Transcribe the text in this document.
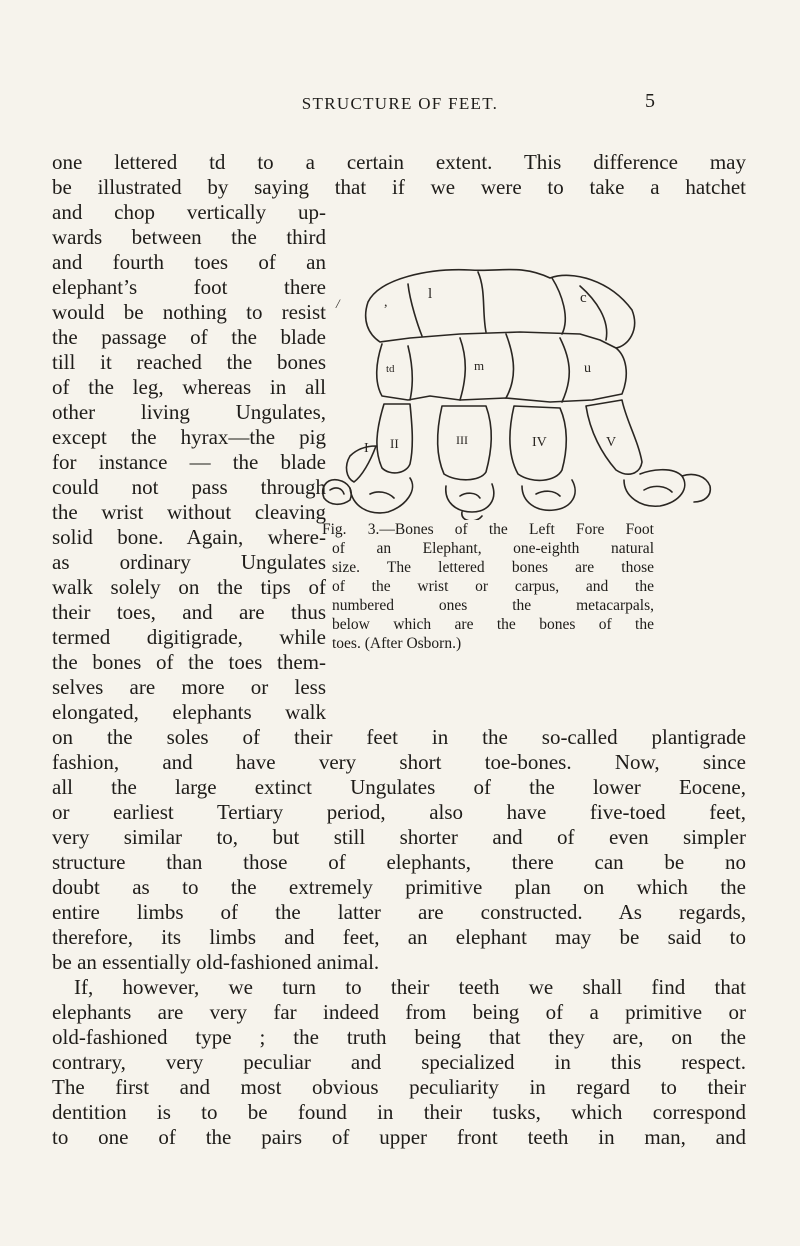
STRUCTURE OF FEET.	5
one lettered td to a certain extent. This difference may
be illustrated by saying that if we were to take a hatchet
and chop vertically up-
wards between the third
and fourth toes of an
elephant’s foot there
would be nothing to resist
the passage of the blade
till it reached the bones
of the leg, whereas in all
other living Ungulates,
except the hyrax—the pig
for instance — the blade
could not pass through
the wrist without cleaving
solid bone. Again, where-
as ordinary Ungulates
walk solely on the tips of
their toes, and are thus
termed digitigrade, while
the bones of the toes them-
selves are more or less
elongated, elephants walk
on the soles of their feet in the so-called plantigrade
fashion, and have very short toe-bones. Now, since
all the large extinct Ungulates of the lower Eocene,
or earliest Tertiary period, also have five-toed feet,
very similar to, but still shorter and of even simpler
structure than those of elephants, there can be no
doubt as to the extremely primitive plan on which the
entire limbs of the latter are constructed. As regards,
therefore, its limbs and feet, an elephant may be said to
be an essentially old-fashioned animal.
If, however, we turn to their teeth we shall find that
elephants are very far indeed from being of a primitive or
old-fashioned type ; the truth being that they are, on the
contrary, very peculiar and specialized in this respect.
The first and most obvious peculiarity in regard to their
dentition is to be found in their tusks, which correspond
to one of the pairs of upper front teeth in man, and
/
l
,	c
td	m	u
I II	III	IV	V
Fig. 3.—Bones of the Left Fore Foot
of an Elephant, one-eighth natural
size. The lettered bones are those
of the wrist or carpus, and the
numbered ones the metacarpals,
below which are the bones of the
toes. (After Osborn.)
